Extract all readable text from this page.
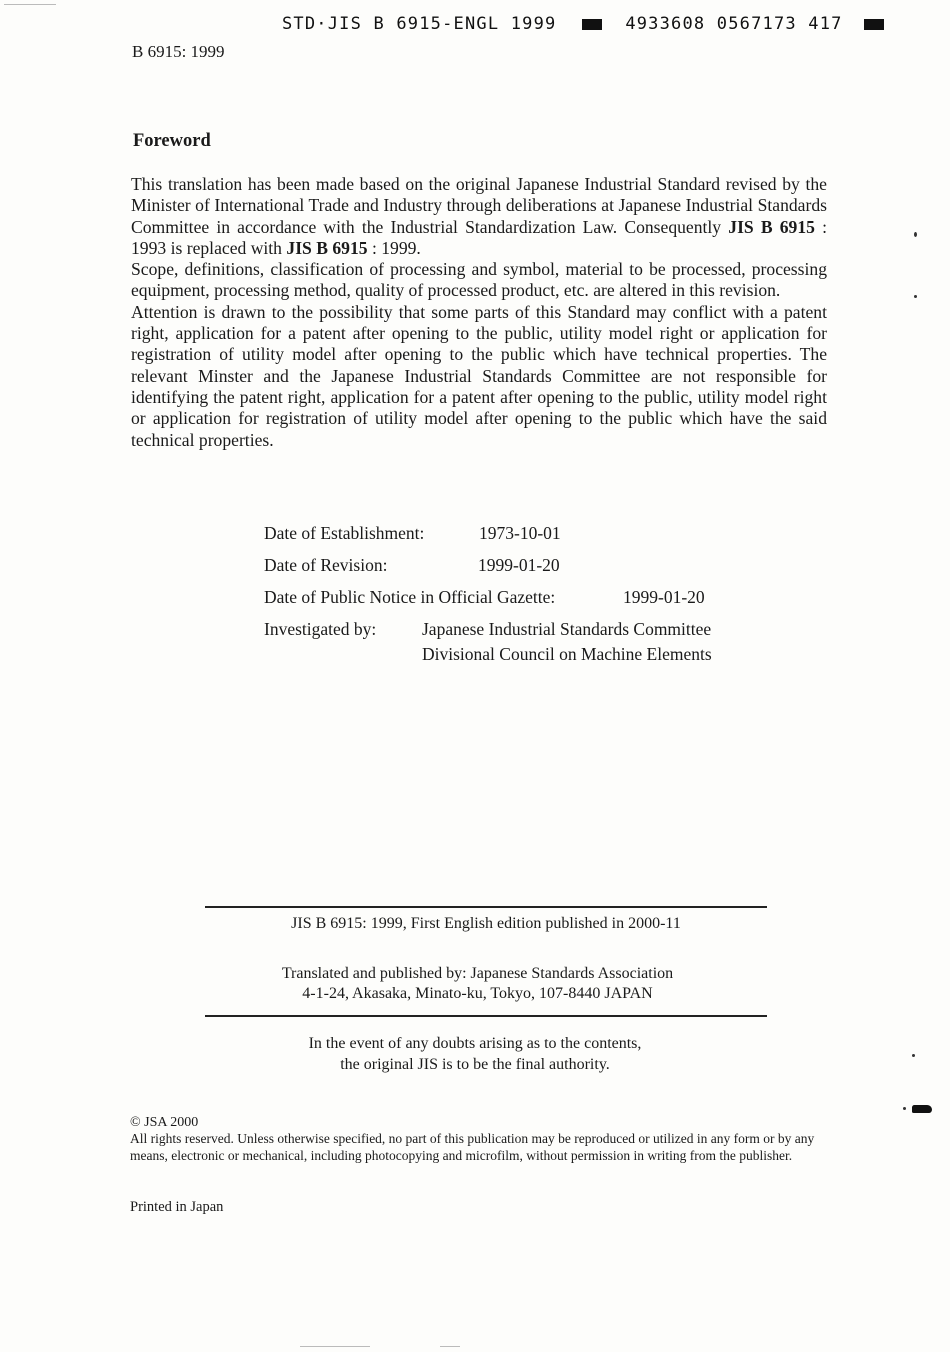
STD·JIS B 6915-ENGL 1999	4933608 0567173 417
B 6915: 1999
Foreword

This translation has been made based on the original Japanese Industrial Standard revised by the Minister of International Trade and Industry through deliberations at Japanese Industrial Standards Committee in accordance with the Industrial Standardization Law. Consequently JIS B 6915 : 1993 is replaced with JIS B 6915 : 1999.

Scope, definitions, classification of processing and symbol, material to be processed, processing equipment, processing method, quality of processed product, etc. are altered in this revision.

Attention is drawn to the possibility that some parts of this Standard may conflict with a patent right, application for a patent after opening to the public, utility model right or application for registration of utility model after opening to the public which have technical properties. The relevant Minster and the Japanese Industrial Standards Committee are not responsible for identifying the patent right, application for a patent after opening to the public, utility model right or application for registration of utility model after opening to the public which have the said technical properties.

Date of Establishment:	1973-10-01
Date of Revision:	1999-01-20
Date of Public Notice in Official Gazette:	1999-01-20
Investigated by:	Japanese Industrial Standards Committee
Divisional Council on Machine Elements
JIS B 6915: 1999, First English edition published in 2000-11
Translated and published by: Japanese Standards Association
4-1-24, Akasaka, Minato-ku, Tokyo, 107-8440 JAPAN
In the event of any doubts arising as to the contents,
the original JIS is to be the final authority.
© JSA 2000
All rights reserved. Unless otherwise specified, no part of this publication may be reproduced or utilized in any form or by any means, electronic or mechanical, including photocopying and microfilm, without permission in writing from the publisher.
Printed in Japan
